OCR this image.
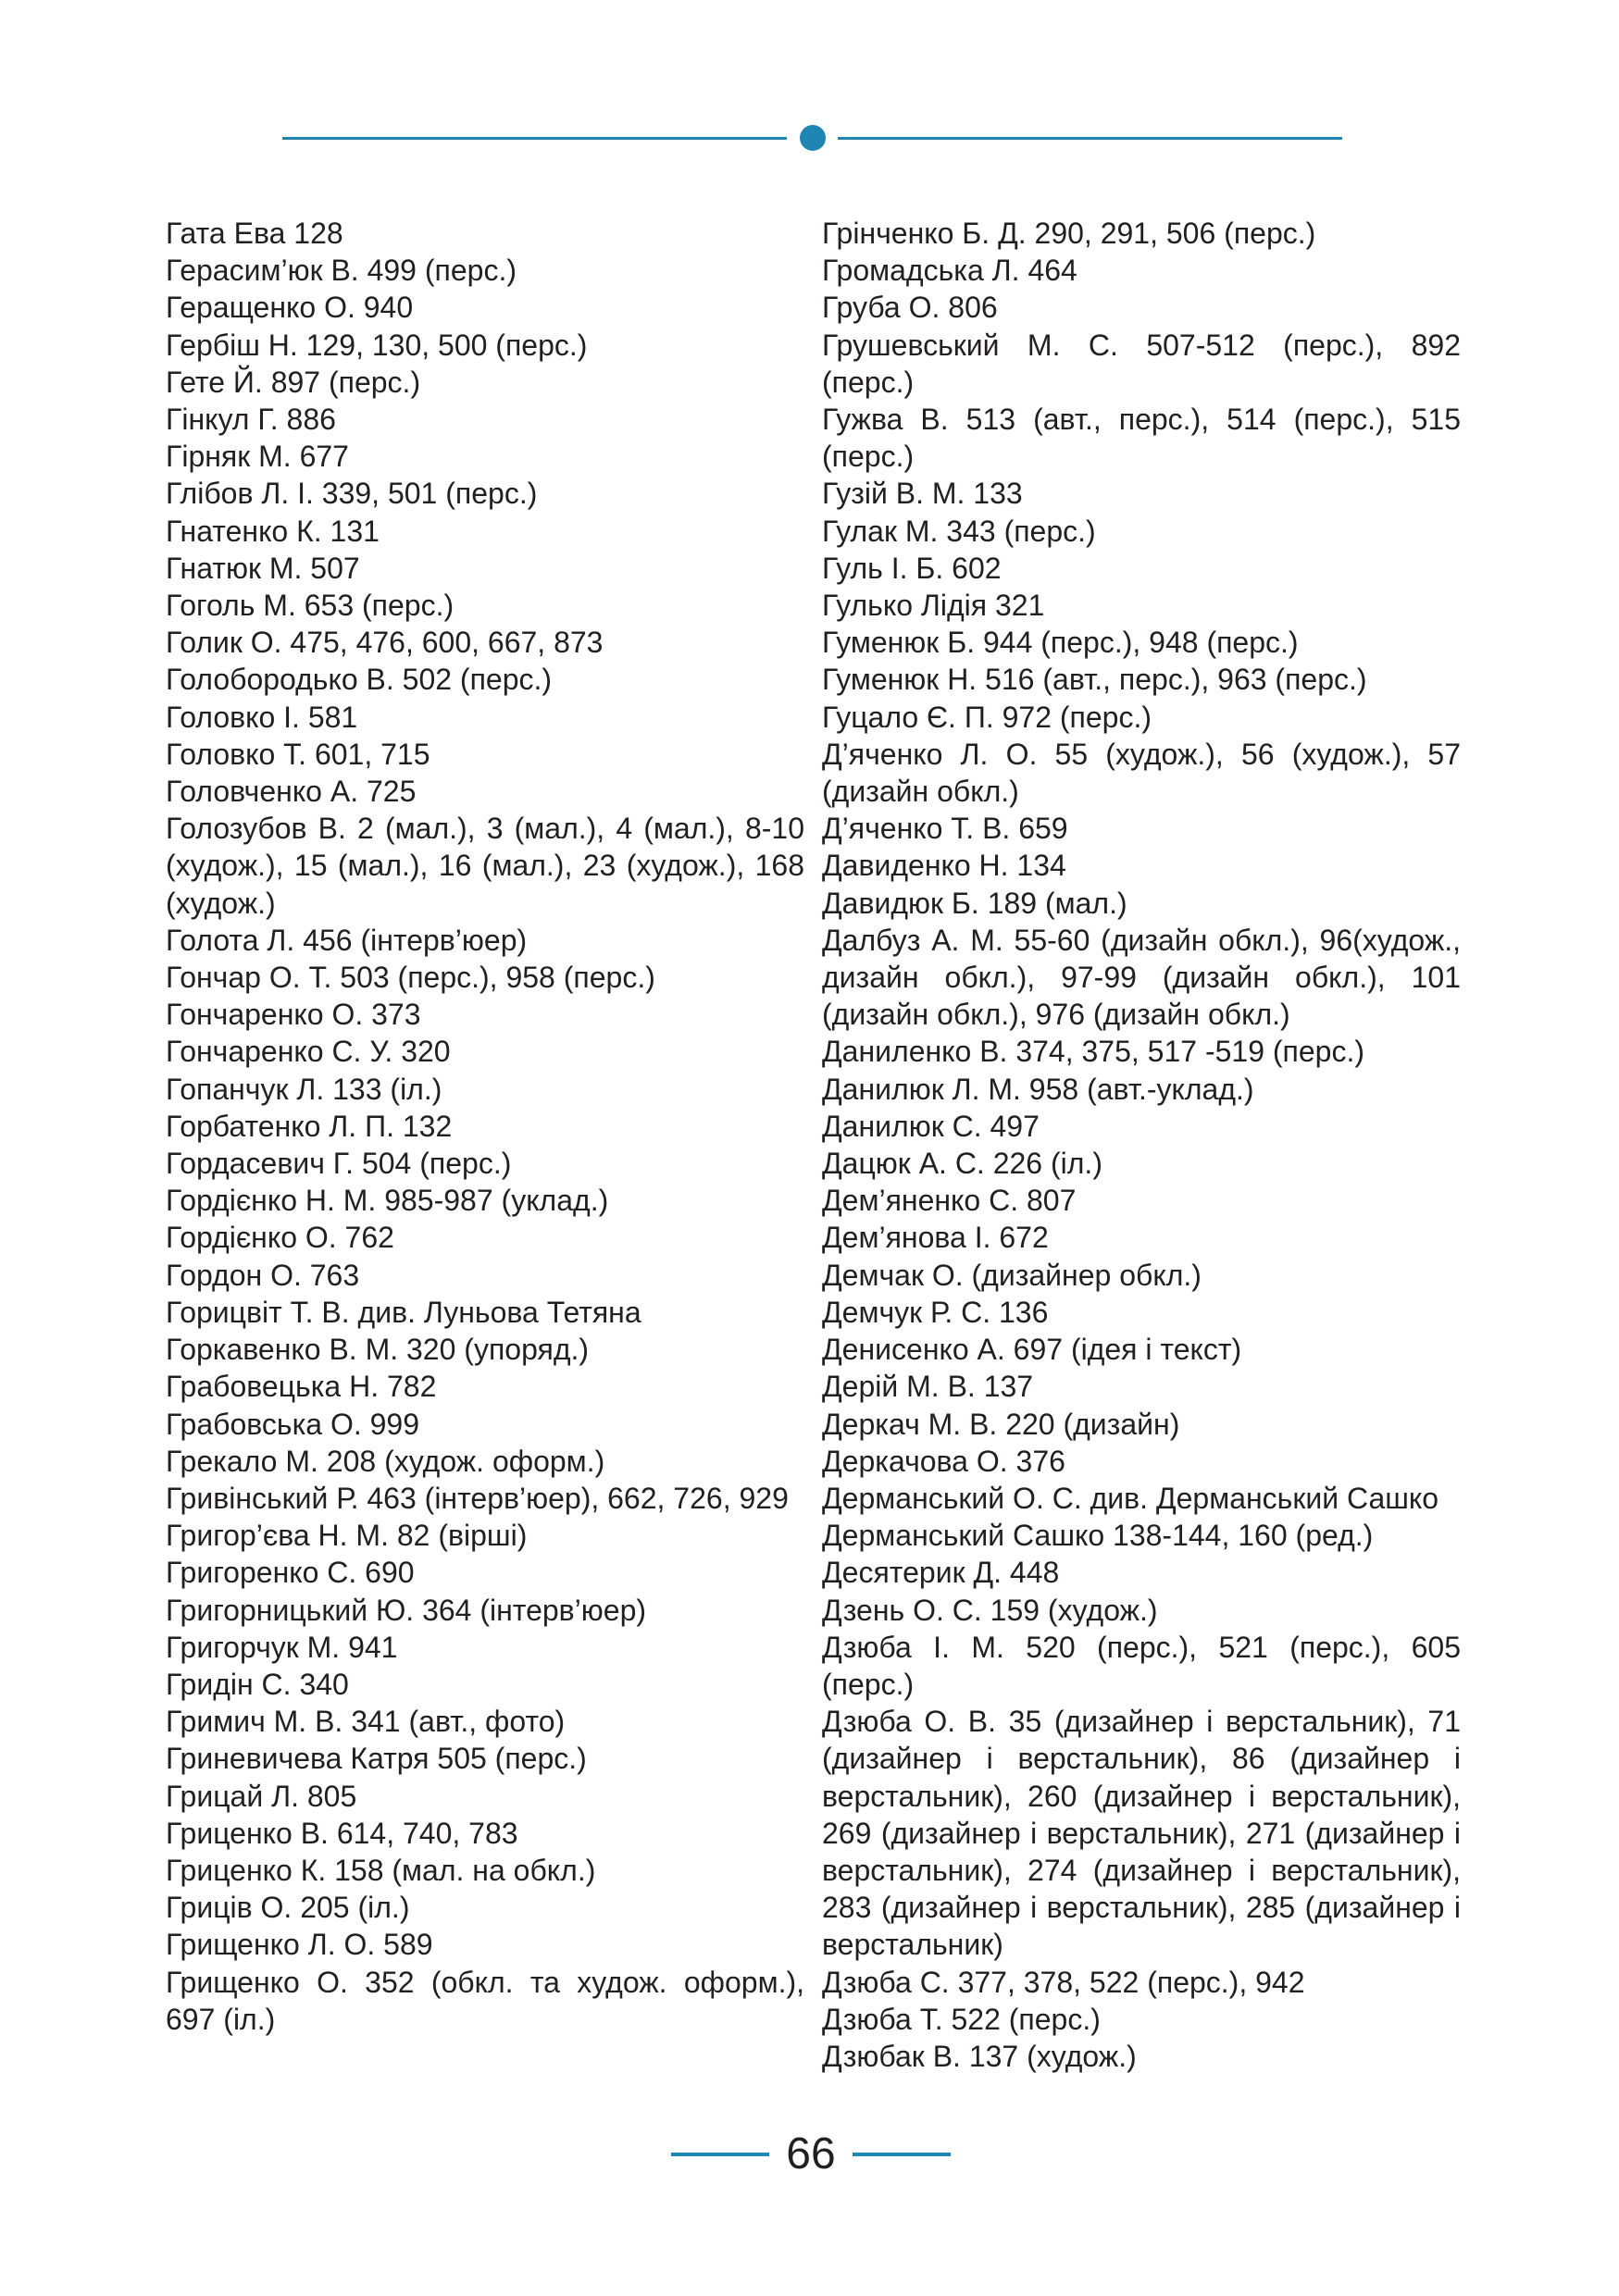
Гата Ева 128
Герасим’юк В. 499 (перс.)
Геращенко О. 940
Гербіш Н. 129, 130, 500 (перс.)
Гете Й. 897 (перс.)
Гінкул Г. 886
Гірняк М. 677
Глібов Л. І. 339, 501 (перс.)
Гнатенко К. 131
Гнатюк М. 507
Гоголь М. 653 (перс.)
Голик О. 475, 476, 600, 667, 873
Голобородько В. 502 (перс.)
Головко І. 581
Головко Т. 601, 715
Головченко А. 725
Голозубов В. 2 (мал.), 3 (мал.), 4 (мал.), 8-10 (худож.), 15 (мал.), 16 (мал.), 23 (худож.), 168 (худож.)
Голота Л. 456 (інтерв’юер)
Гончар О. Т. 503 (перс.), 958 (перс.)
Гончаренко О. 373
Гончаренко С. У. 320
Гопанчук Л. 133 (іл.)
Горбатенко Л. П. 132
Гордасевич Г. 504 (перс.)
Гордієнко Н. М. 985-987 (уклад.)
Гордієнко О. 762
Гордон О. 763
Горицвіт Т. В. див. Луньова Тетяна
Горкавенко В. М. 320 (упоряд.)
Грабовецька Н. 782
Грабовська О. 999
Грекало М. 208 (худож. оформ.)
Гривінський Р. 463 (інтерв’юер), 662, 726, 929
Григор’єва Н. М. 82 (вірші)
Григоренко С. 690
Григорницький Ю. 364 (інтерв’юер)
Григорчук М. 941
Гридін С. 340
Гримич М. В. 341 (авт., фото)
Гриневичева Катря 505 (перс.)
Грицай Л. 805
Гриценко В. 614, 740, 783
Гриценко К. 158 (мал. на обкл.)
Гриців О. 205 (іл.)
Грищенко Л. О. 589
Грищенко О. 352 (обкл. та худож. оформ.), 697 (іл.)
Грінченко Б. Д. 290, 291, 506 (перс.)
Громадська Л. 464
Груба О. 806
Грушевський М. С. 507-512 (перс.), 892 (перс.)
Гужва В. 513 (авт., перс.), 514 (перс.), 515 (перс.)
Гузій В. М. 133
Гулак М. 343 (перс.)
Гуль І. Б. 602
Гулько Лідія 321
Гуменюк Б. 944 (перс.), 948 (перс.)
Гуменюк Н. 516 (авт., перс.), 963 (перс.)
Гуцало Є. П. 972 (перс.)
Д’яченко Л. О. 55 (худож.), 56 (худож.), 57 (дизайн обкл.)
Д’яченко Т. В. 659
Давиденко Н. 134
Давидюк Б. 189 (мал.)
Далбуз А. М. 55-60 (дизайн обкл.), 96(худож., дизайн обкл.), 97-99 (дизайн обкл.), 101 (дизайн обкл.), 976 (дизайн обкл.)
Даниленко В. 374, 375, 517 -519 (перс.)
Данилюк Л. М. 958 (авт.-уклад.)
Данилюк С. 497
Дацюк А. С. 226 (іл.)
Дем’яненко С. 807
Дем’янова І. 672
Демчак О. (дизайнер обкл.)
Демчук Р. С. 136
Денисенко А. 697 (ідея і текст)
Дерій М. В. 137
Деркач М. В. 220 (дизайн)
Деркачова О. 376
Дерманський О. С. див. Дерманський Сашко
Дерманський Сашко 138-144, 160 (ред.)
Десятерик Д. 448
Дзень О. С. 159 (худож.)
Дзюба І. М. 520 (перс.), 521 (перс.), 605 (перс.)
Дзюба О. В. 35 (дизайнер і верстальник), 71 (дизайнер і верстальник), 86 (дизайнер і верстальник), 260 (дизайнер і верстальник), 269 (дизайнер і верстальник), 271 (дизайнер і верстальник), 274 (дизайнер і верстальник), 283 (дизайнер і верстальник), 285 (дизайнер і верстальник)
Дзюба С. 377, 378, 522 (перс.), 942
Дзюба Т. 522 (перс.)
Дзюбак В. 137 (худож.)
66
